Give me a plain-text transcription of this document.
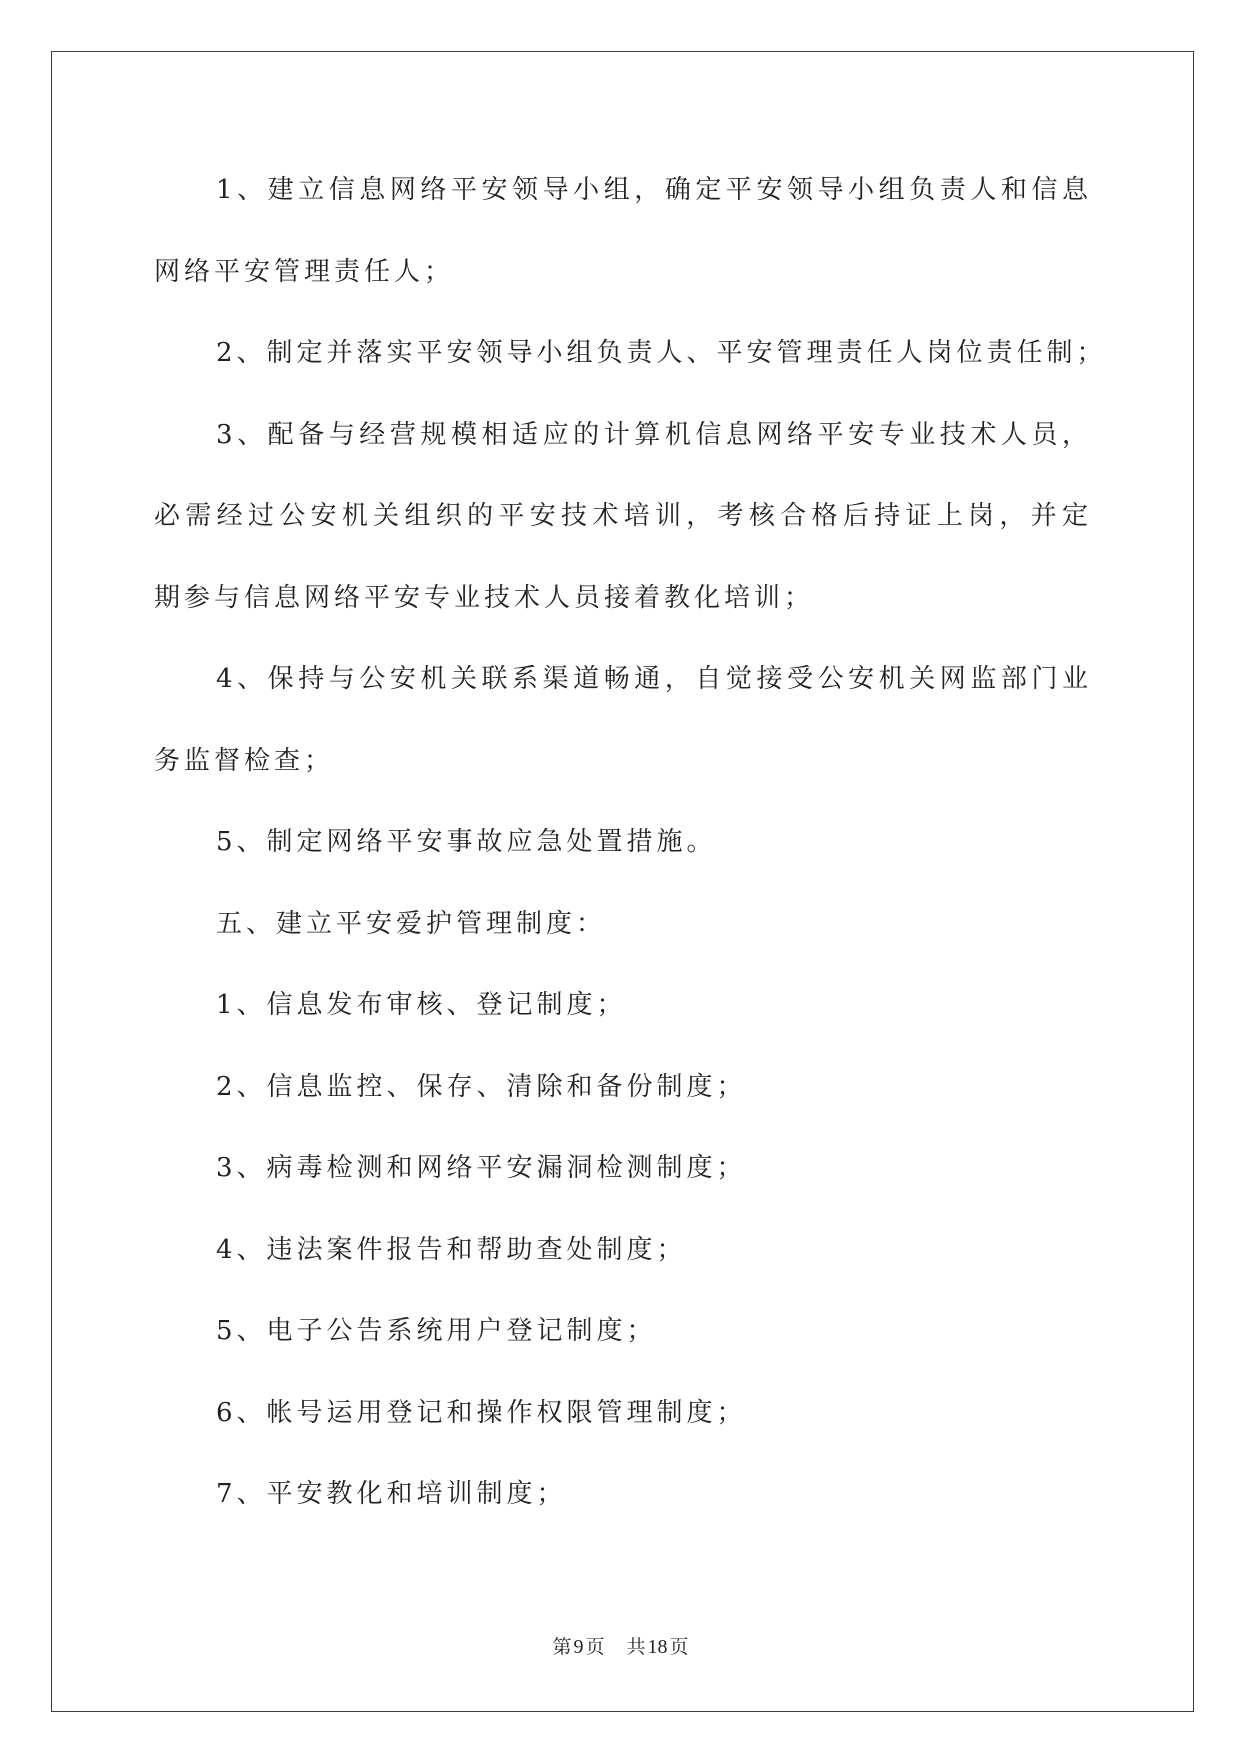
1、建立信息网络平安领导小组，确定平安领导小组负责人和信息
网络平安管理责任人；
2、制定并落实平安领导小组负责人、平安管理责任人岗位责任制；
3、配备与经营规模相适应的计算机信息网络平安专业技术人员，
必需经过公安机关组织的平安技术培训，考核合格后持证上岗，并定
期参与信息网络平安专业技术人员接着教化培训；
4、保持与公安机关联系渠道畅通，自觉接受公安机关网监部门业
务监督检查；
5、制定网络平安事故应急处置措施。
五、建立平安爱护管理制度：
1、信息发布审核、登记制度；
2、信息监控、保存、清除和备份制度；
3、病毒检测和网络平安漏洞检测制度；
4、违法案件报告和帮助查处制度；
5、电子公告系统用户登记制度；
6、帐号运用登记和操作权限管理制度；
7、平安教化和培训制度；
第 9 页 共 18 页
